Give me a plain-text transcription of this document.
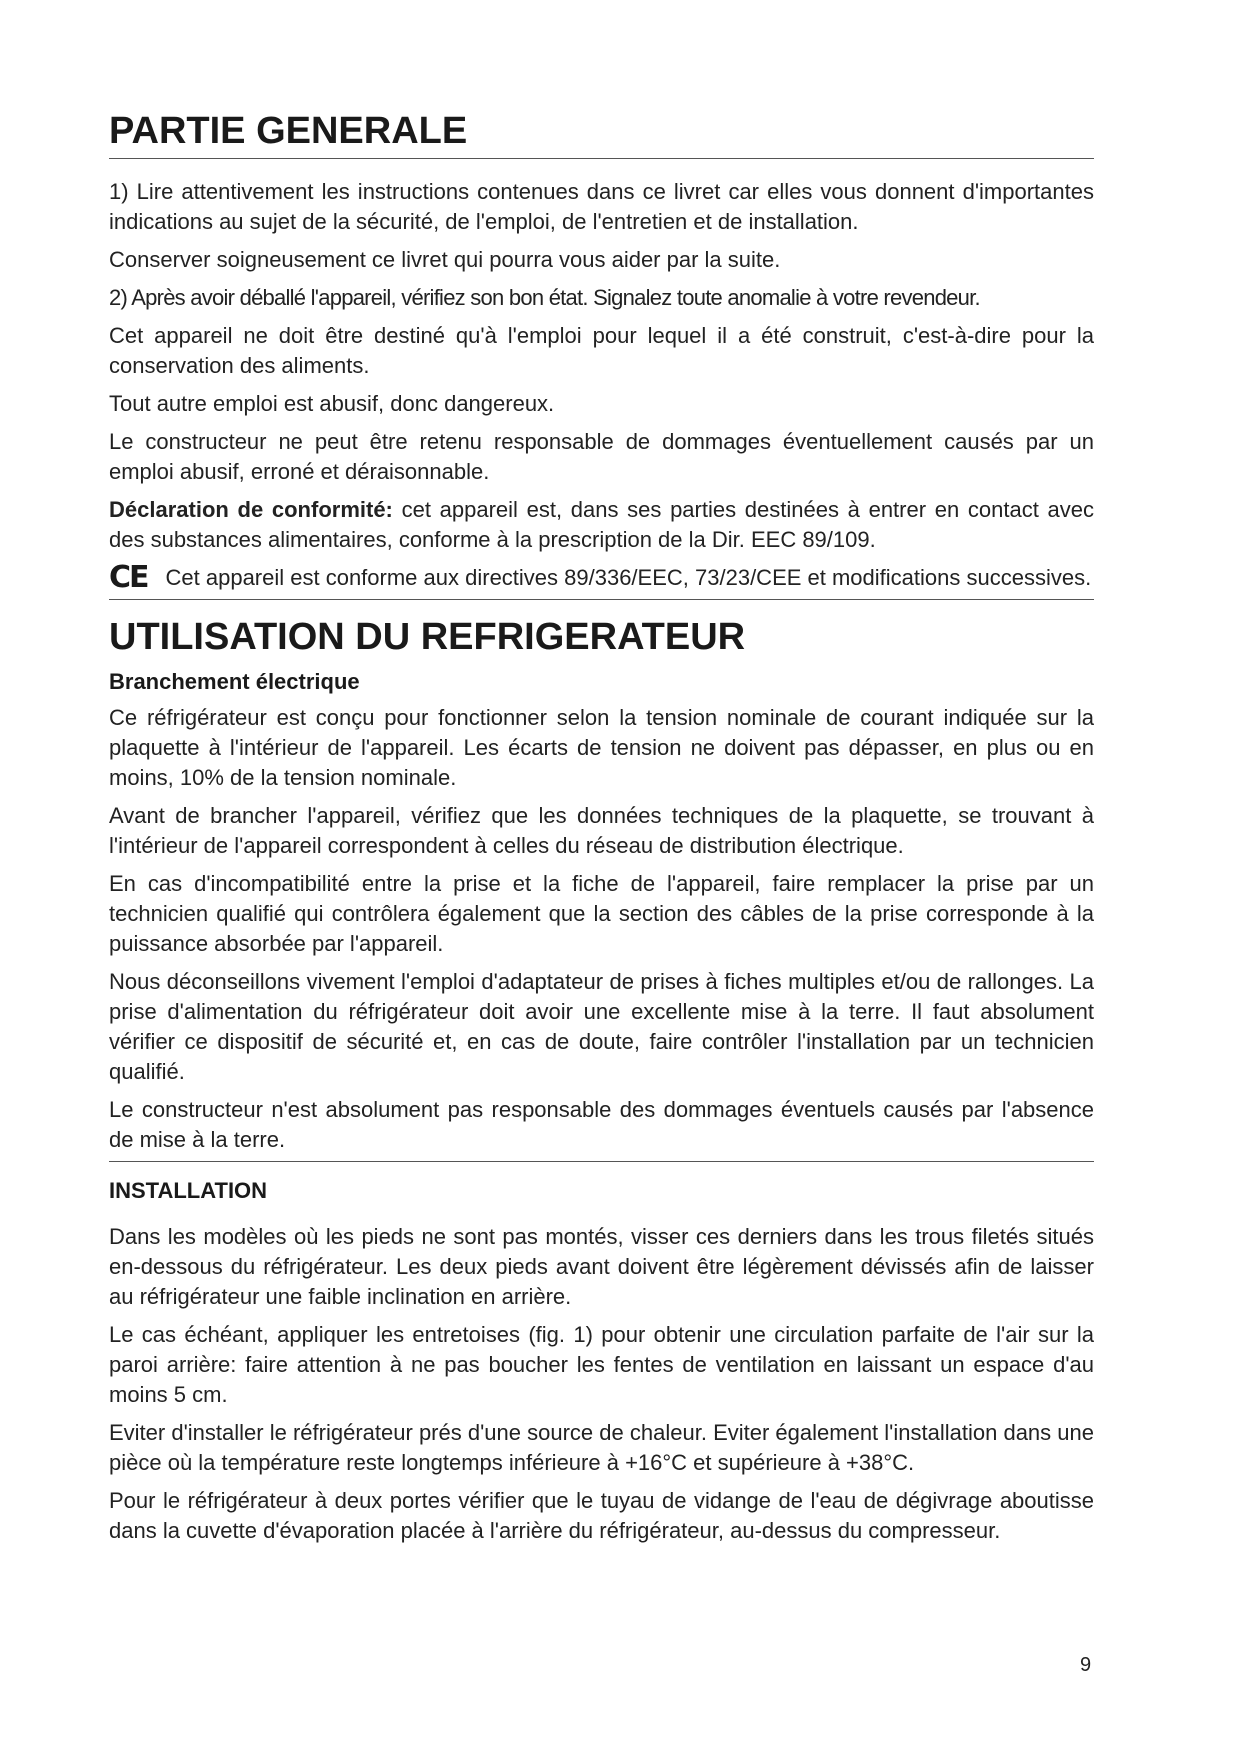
PARTIE GENERALE

1) Lire attentivement les instructions contenues dans ce livret car elles vous donnent d'importantes indications au sujet de la sécurité, de l'emploi, de l'entretien et de installation.

Conserver soigneusement ce livret qui pourra vous aider par la suite.

2) Après avoir déballé l'appareil, vérifiez son bon état. Signalez toute anomalie à votre revendeur.

Cet appareil ne doit être destiné qu'à l'emploi pour lequel il a été construit, c'est-à-dire pour la conservation des aliments.

Tout autre emploi est abusif, donc dangereux.

Le constructeur ne peut être retenu responsable de dommages éventuellement causés par un emploi abusif, erroné et déraisonnable.

Déclaration de conformité: cet appareil est, dans ses parties destinées à entrer en contact avec des substances alimentaires, conforme à la prescription de la Dir. EEC 89/109.

CE Cet appareil est conforme aux directives 89/336/EEC, 73/23/CEE et modifications successives.

UTILISATION DU REFRIGERATEUR
Branchement électrique

Ce réfrigérateur est conçu pour fonctionner selon la tension nominale de courant indiquée sur la plaquette à l'intérieur de l'appareil. Les écarts de tension ne doivent pas dépasser, en plus ou en moins, 10% de la tension nominale.

Avant de brancher l'appareil, vérifiez que les données techniques de la plaquette, se trouvant à l'intérieur de l'appareil correspondent à celles du réseau de distribution électrique.

En cas d'incompatibilité entre la prise et la fiche de l'appareil, faire remplacer la prise par un technicien qualifié qui contrôlera également que la section des câbles de la prise corresponde à la puissance absorbée par l'appareil.

Nous déconseillons vivement l'emploi d'adaptateur de prises à fiches multiples et/ou de rallonges. La prise d'alimentation du réfrigérateur doit avoir une excellente mise à la terre. Il faut absolument vérifier ce dispositif de sécurité et, en cas de doute, faire contrôler l'installation par un technicien qualifié.

Le constructeur n'est absolument pas responsable des dommages éventuels causés par l'absence de mise à la terre.

INSTALLATION

Dans les modèles où les pieds ne sont pas montés, visser ces derniers dans les trous filetés situés en-dessous du réfrigérateur. Les deux pieds avant doivent être légèrement dévissés afin de laisser au réfrigérateur une faible inclination en arrière.

Le cas échéant, appliquer les entretoises (fig. 1) pour obtenir une circulation parfaite de l'air sur la paroi arrière: faire attention à ne pas boucher les fentes de ventilation en laissant un espace d'au moins 5 cm.

Eviter d'installer le réfrigérateur prés d'une source de chaleur. Eviter également l'installation dans une pièce où la température reste longtemps inférieure à +16°C et supérieure à +38°C.

Pour le réfrigérateur à deux portes vérifier que le tuyau de vidange de l'eau de dégivrage aboutisse dans la cuvette d'évaporation placée à l'arrière du réfrigérateur, au-dessus du compresseur.

9
